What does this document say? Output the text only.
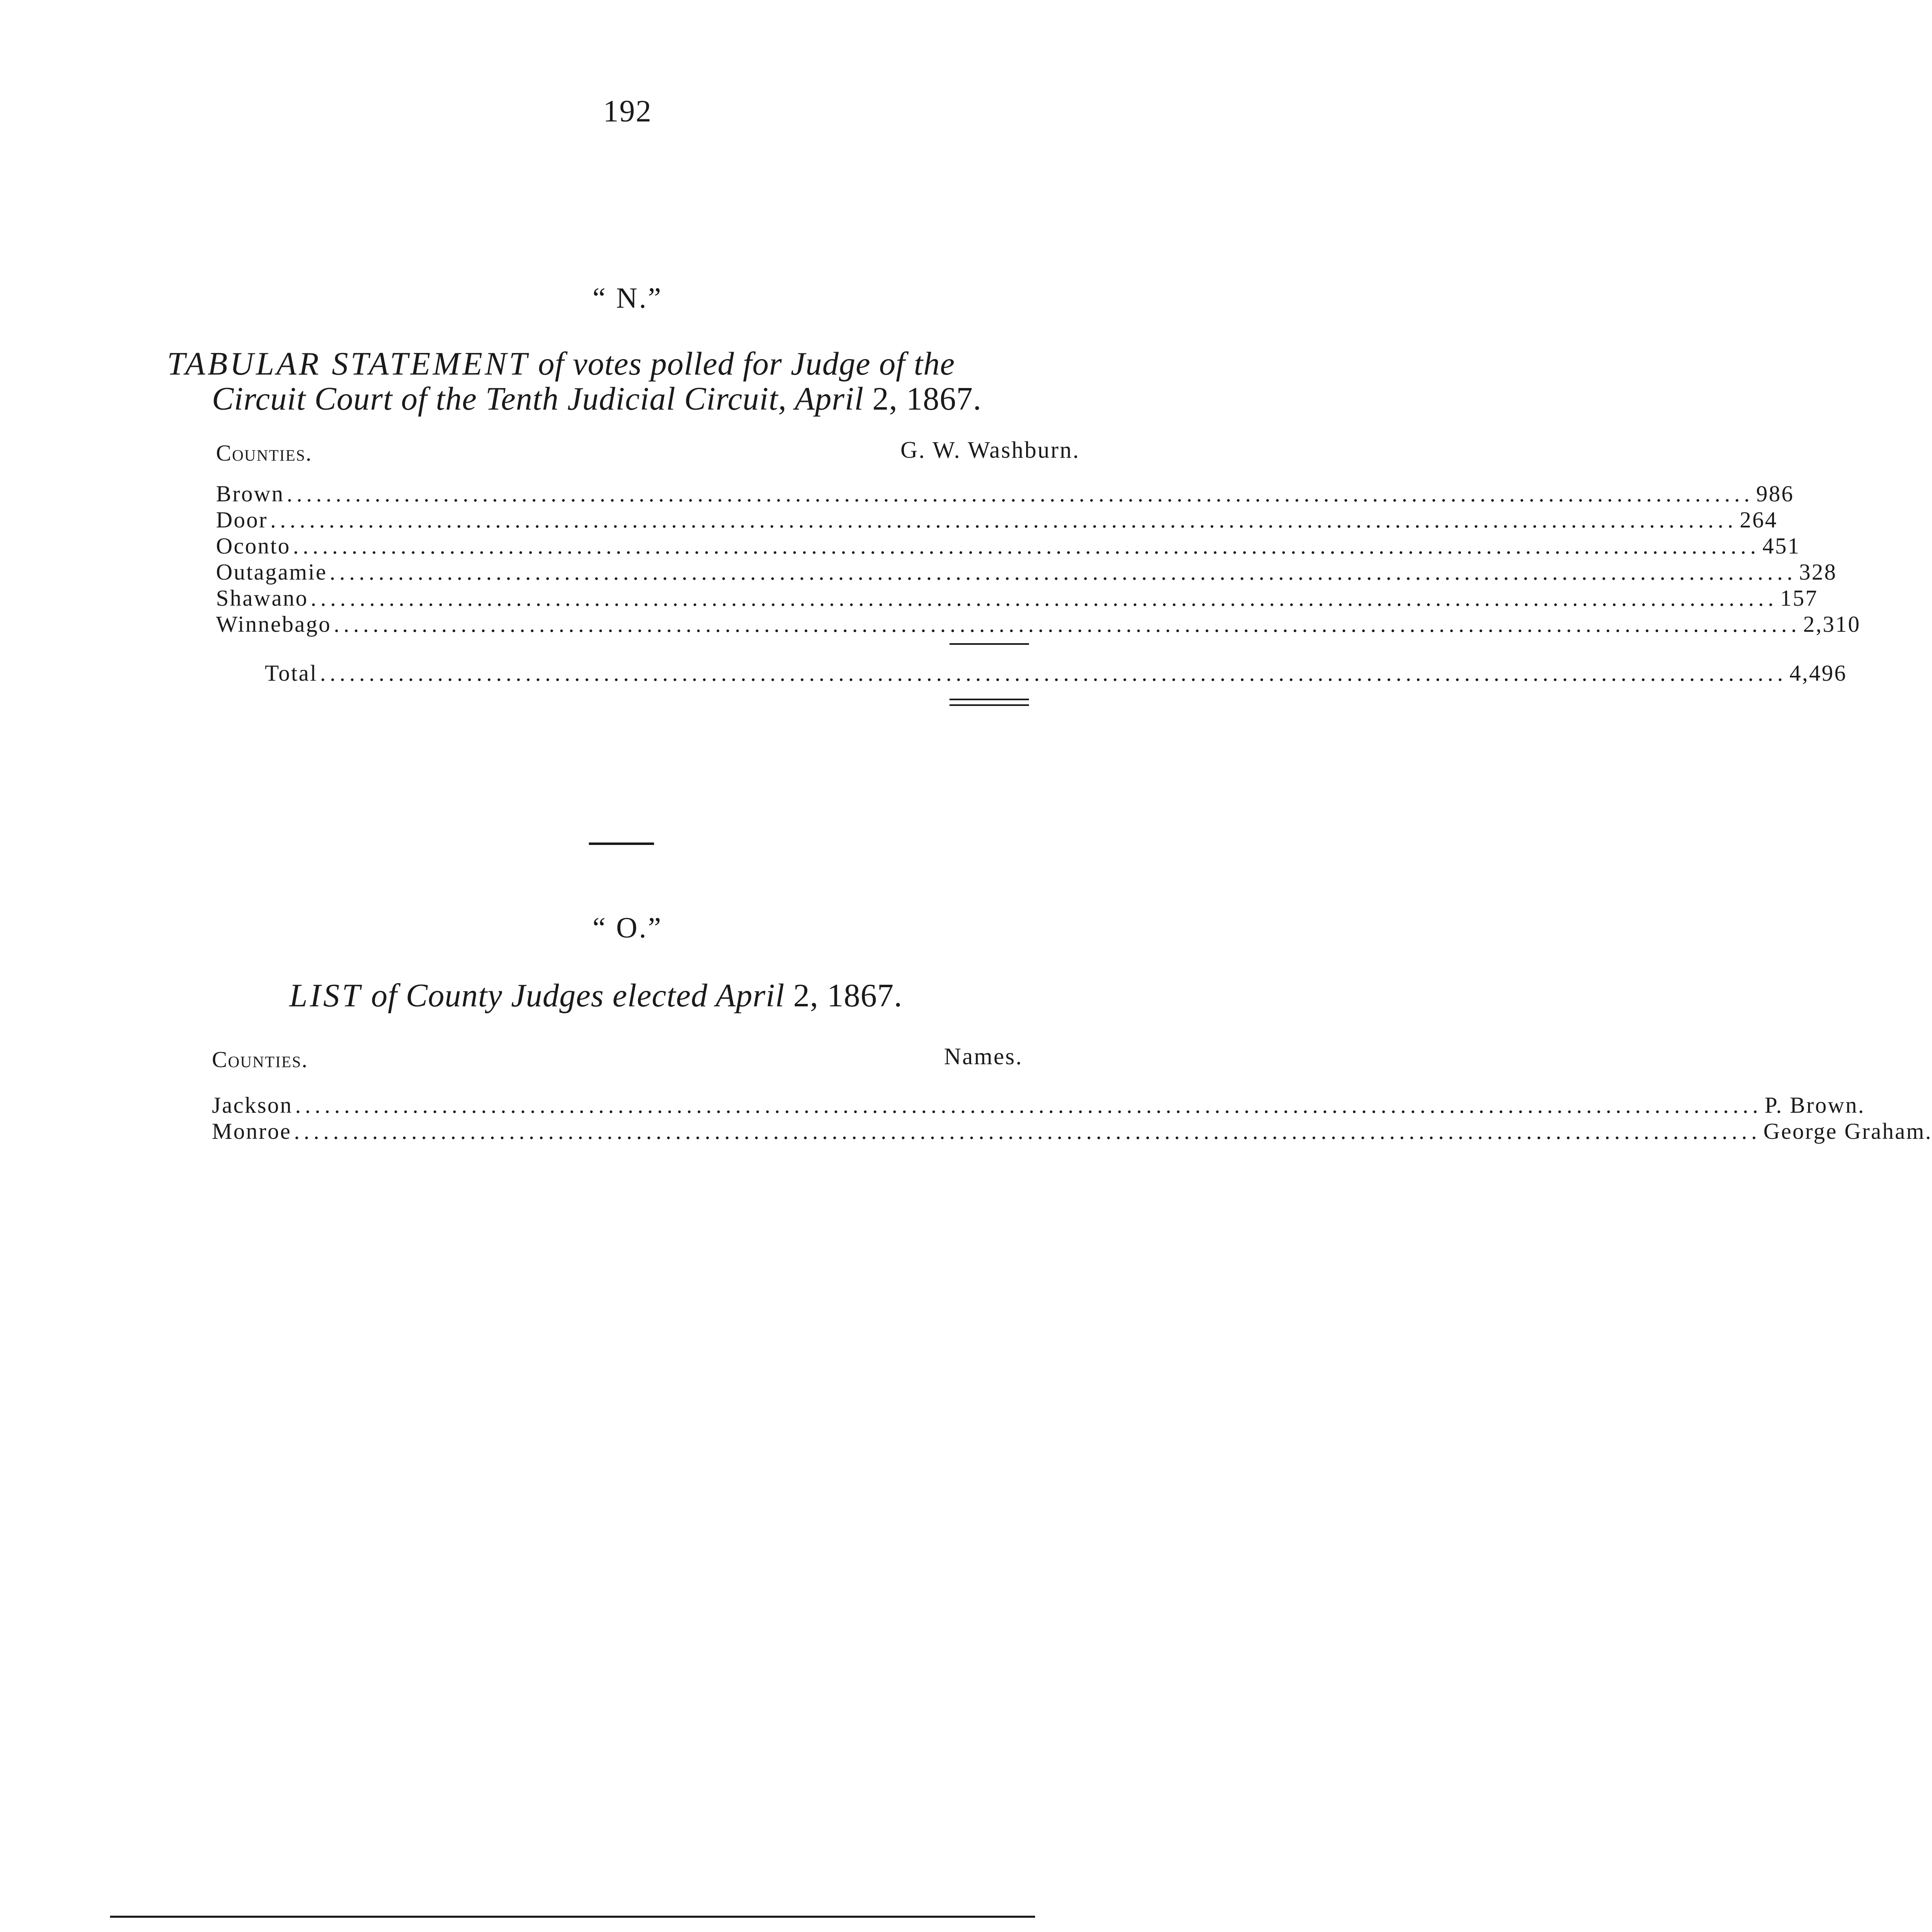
192
“ N.”
TABULAR STATEMENT of votes polled for Judge of the
Circuit Court of the Tenth Judicial Circuit, April 2, 1867.
Counties.	G. W. Washburn.
Brown ...................................................................................................................................................... 986
Door ...................................................................................................................................................... 264
Oconto ...................................................................................................................................................... 451
Outagamie ...................................................................................................................................................... 328
Shawano ...................................................................................................................................................... 157
Winnebago ...................................................................................................................................................... 2,310
Total ...................................................................................................................................................... 4,496
“ O.”
LIST of County Judges elected April 2, 1867.
Counties.	Names.
Jackson ...................................................................................................................................................... P. Brown.
Monroe ...................................................................................................................................................... George Graham.
